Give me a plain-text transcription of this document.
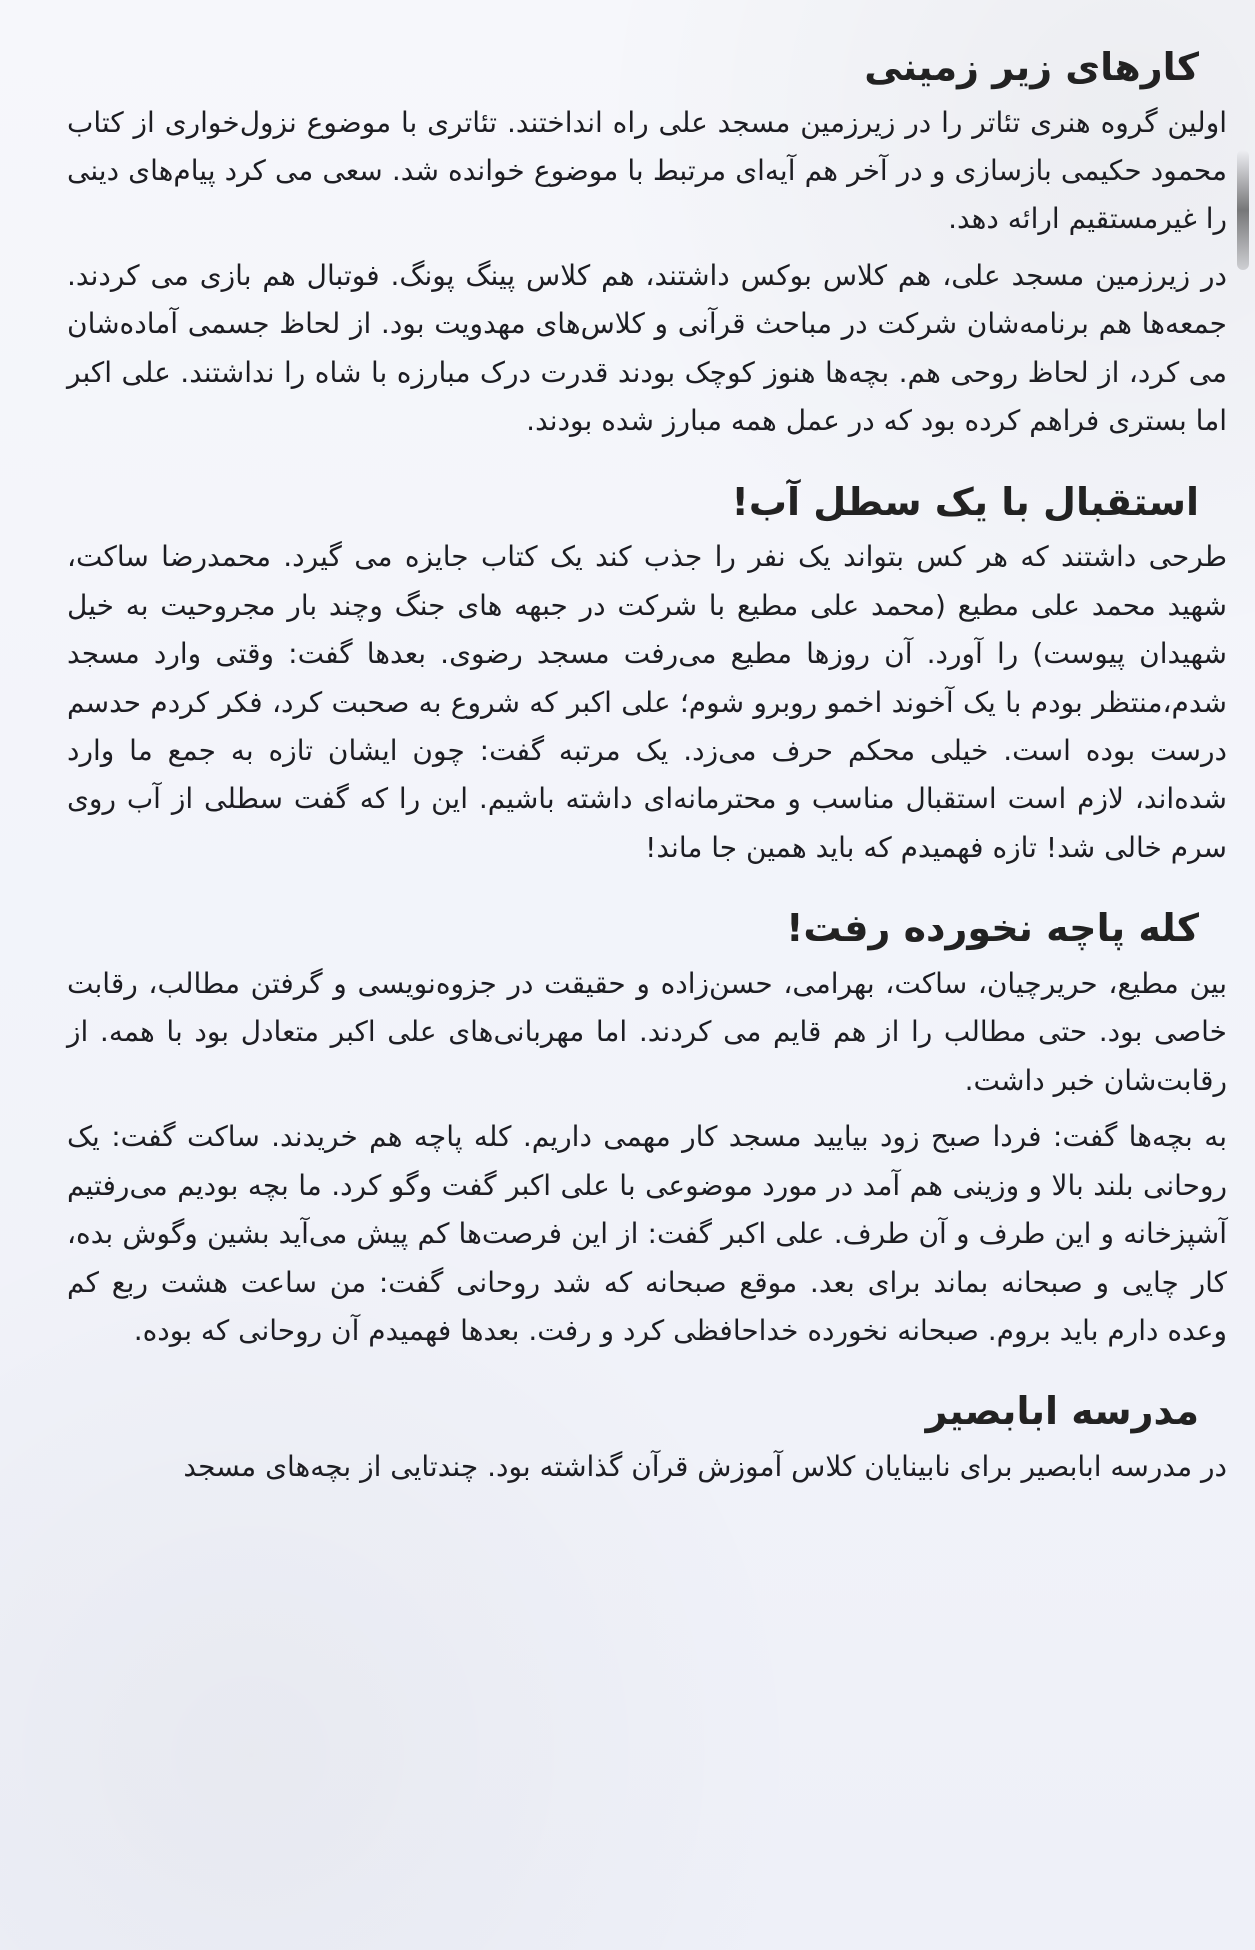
کارهای زیر زمینی

اولین گروه هنری تئاتر را در زیرزمین مسجد علی راه انداختند. تئاتری با موضوع نزول‌خواری از کتاب محمود حکیمی بازسازی و در آخر هم آیه‌ای مرتبط با موضوع خوانده شد. سعی می کرد پیام‌های دینی را غیرمستقیم ارائه دهد.

در زیرزمین مسجد علی، هم کلاس بوکس داشتند، هم کلاس پینگ پونگ. فوتبال هم بازی می کردند. جمعه‌ها هم برنامه‌شان شرکت در مباحث قرآنی و کلاس‌های مهدویت بود. از لحاظ جسمی آماده‌شان می کرد، از لحاظ روحی هم. بچه‌ها هنوز کوچک بودند قدرت درک مبارزه با شاه را نداشتند. علی اکبر اما بستری فراهم کرده بود که در عمل همه مبارز شده بودند.

استقبال با یک سطل آب!

طرحی داشتند که هر کس بتواند یک نفر را جذب کند یک کتاب جایزه می گیرد. محمدرضا ساکت، شهید محمد علی مطیع (محمد علی مطیع با شرکت در جبهه های جنگ وچند بار مجروحیت به خیل شهیدان پیوست) را آورد. آن روزها مطیع می‌رفت مسجد رضوی. بعدها گفت: وقتی وارد مسجد شدم،منتظر بودم با یک آخوند اخمو روبرو شوم؛ علی اکبر که شروع به صحبت کرد، فکر کردم حدسم درست بوده است. خیلی محکم حرف می‌زد. یک مرتبه گفت: چون ایشان تازه به جمع ما وارد شده‌اند، لازم است استقبال مناسب و محترمانه‌ای داشته باشیم. این را که گفت سطلی از آب روی سرم خالی شد! تازه فهمیدم که باید همین جا ماند!

کله پاچه نخورده رفت!

بین مطیع، حریرچیان، ساکت، بهرامی، حسن‌زاده و حقیقت در جزوه‌نویسی و گرفتن مطالب، رقابت خاصی بود. حتی مطالب را از هم قایم می کردند. اما مهربانی‌های علی اکبر متعادل بود با همه. از رقابت‌شان خبر داشت.

به بچه‌ها گفت: فردا صبح زود بیایید مسجد کار مهمی داریم. کله پاچه هم خریدند. ساکت گفت: یک روحانی بلند بالا و وزینی هم آمد در مورد موضوعی با علی اکبر گفت وگو کرد. ما بچه بودیم می‌رفتیم آشپزخانه و این طرف و آن طرف. علی اکبر گفت: از این فرصت‌ها کم پیش می‌آید بشین وگوش بده، کار چایی و صبحانه بماند برای بعد. موقع صبحانه که شد روحانی گفت: من ساعت هشت ربع کم وعده دارم باید بروم. صبحانه نخورده خداحافظی کرد و رفت. بعدها فهمیدم آن روحانی که بوده.

مدرسه ابابصیر

در مدرسه ابابصیر برای نابینایان کلاس آموزش قرآن گذاشته بود. چندتایی از بچه‌های مسجد
